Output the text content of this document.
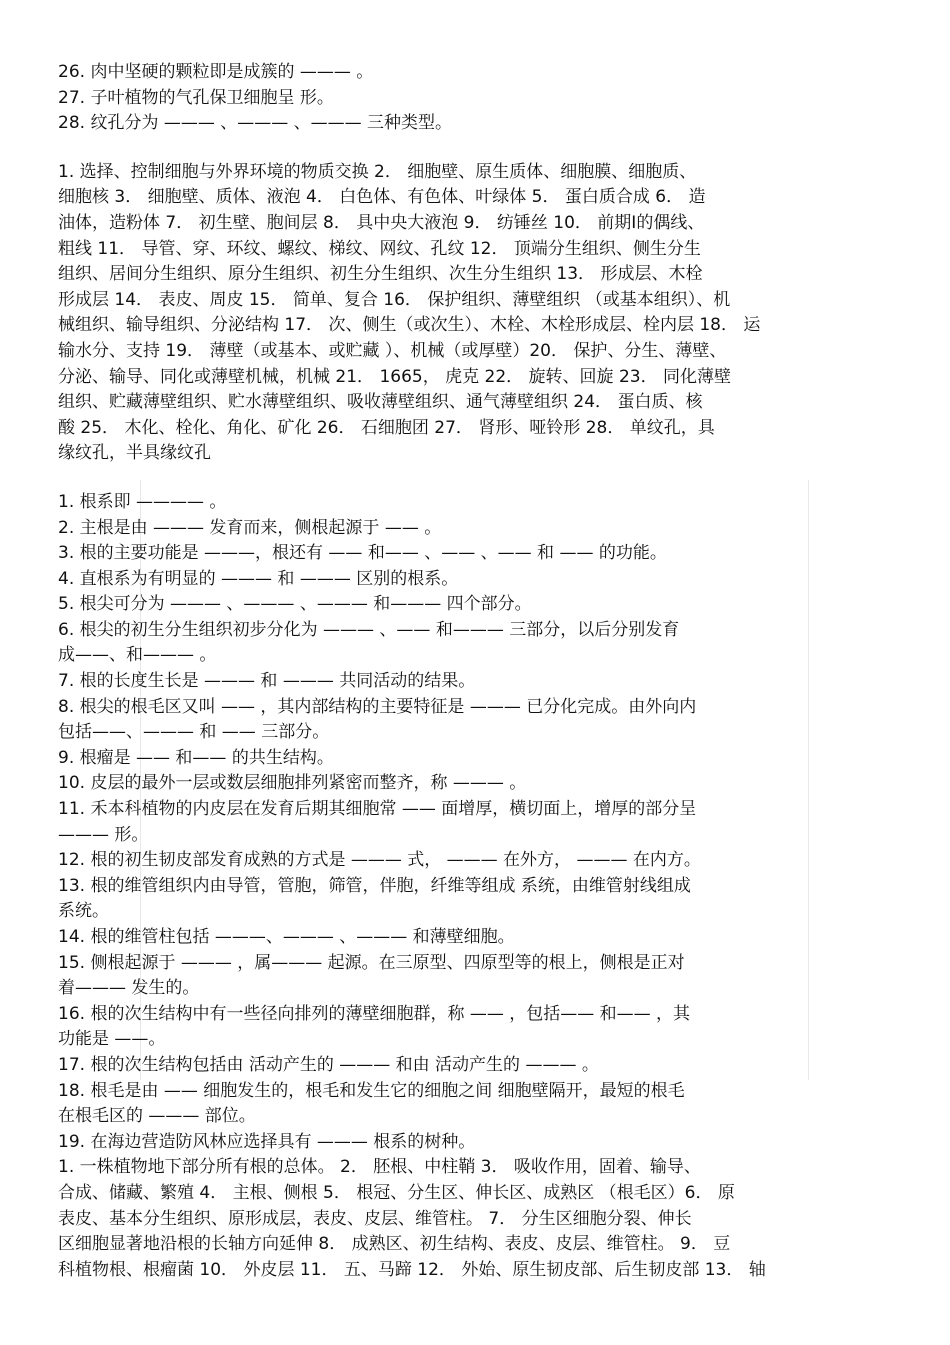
26. 肉中坚硬的颗粒即是成簇的 ——— 。
27. 子叶植物的气孔保卫细胞呈 形。
28. 纹孔分为 ——— 、——— 、——— 三种类型。
1. 选择、控制细胞与外界环境的物质交换 2． 细胞壁、原生质体、细胞膜、细胞质、
细胞核 3． 细胞壁、质体、液泡 4． 白色体、有色体、叶绿体 5． 蛋白质合成 6． 造
油体，造粉体 7． 初生壁、胞间层 8． 具中央大液泡 9． 纺锤丝 10． 前期Ⅰ的偶线、
粗线 11． 导管、穿、环纹、螺纹、梯纹、网纹、孔纹 12． 顶端分生组织、侧生分生
组织、居间分生组织、原分生组织、初生分生组织、次生分生组织 13． 形成层、木栓
形成层 14． 表皮、周皮 15． 简单、复合 16． 保护组织、薄壁组织 （或基本组织）、机
械组织、输导组织、分泌结构 17． 次、侧生（或次生）、木栓、木栓形成层、栓内层 18． 运
输水分、支持 19． 薄壁（或基本、或贮藏 ）、机械（或厚壁）20． 保护、分生、薄壁、
分泌、输导、同化或薄壁机械，机械 21． 1665， 虎克 22． 旋转、回旋 23． 同化薄壁
组织、贮藏薄壁组织、贮水薄壁组织、吸收薄壁组织、通气薄壁组织 24． 蛋白质、核
酸 25． 木化、栓化、角化、矿化 26． 石细胞团 27． 肾形、哑铃形 28． 单纹孔，具
缘纹孔，半具缘纹孔
1. 根系即 ———— 。
2. 主根是由 ——— 发育而来，侧根起源于 —— 。
3. 根的主要功能是 ———，根还有 —— 和—— 、—— 、—— 和 —— 的功能。
4. 直根系为有明显的 ——— 和 ——— 区别的根系。
5. 根尖可分为 ——— 、——— 、——— 和——— 四个部分。
6. 根尖的初生分生组织初步分化为 ——— 、—— 和——— 三部分，以后分别发育
成——、和——— 。
7. 根的长度生长是 ——— 和 ——— 共同活动的结果。
8. 根尖的根毛区又叫 —— ，其内部结构的主要特征是 ——— 已分化完成。由外向内
包括——、——— 和 —— 三部分。
9. 根瘤是 —— 和—— 的共生结构。
10. 皮层的最外一层或数层细胞排列紧密而整齐，称 ——— 。
11. 禾本科植物的内皮层在发育后期其细胞常 —— 面增厚，横切面上，增厚的部分呈
——— 形。
12. 根的初生韧皮部发育成熟的方式是 ——— 式， ——— 在外方， ——— 在内方。
13. 根的维管组织内由导管，管胞，筛管，伴胞，纤维等组成 系统，由维管射线组成
系统。
14. 根的维管柱包括 ———、——— 、——— 和薄壁细胞。
15. 侧根起源于 ——— ，属——— 起源。在三原型、四原型等的根上，侧根是正对
着——— 发生的。
16. 根的次生结构中有一些径向排列的薄壁细胞群，称 —— ，包括—— 和—— ，其
功能是 ——。
17. 根的次生结构包括由 活动产生的 ——— 和由 活动产生的 ——— 。
18. 根毛是由 —— 细胞发生的，根毛和发生它的细胞之间 细胞壁隔开，最短的根毛
在根毛区的 ——— 部位。
19. 在海边营造防风林应选择具有 ——— 根系的树种。
1. 一株植物地下部分所有根的总体。 2． 胚根、中柱鞘 3． 吸收作用，固着、输导、
合成、储藏、繁殖 4． 主根、侧根 5． 根冠、分生区、伸长区、成熟区 （根毛区）6． 原
表皮、基本分生组织、原形成层，表皮、皮层、维管柱。 7． 分生区细胞分裂、伸长
区细胞显著地沿根的长轴方向延伸 8． 成熟区、初生结构、表皮、皮层、维管柱。 9． 豆
科植物根、根瘤菌 10． 外皮层 11． 五、马蹄 12． 外始、原生韧皮部、后生韧皮部 13． 轴
